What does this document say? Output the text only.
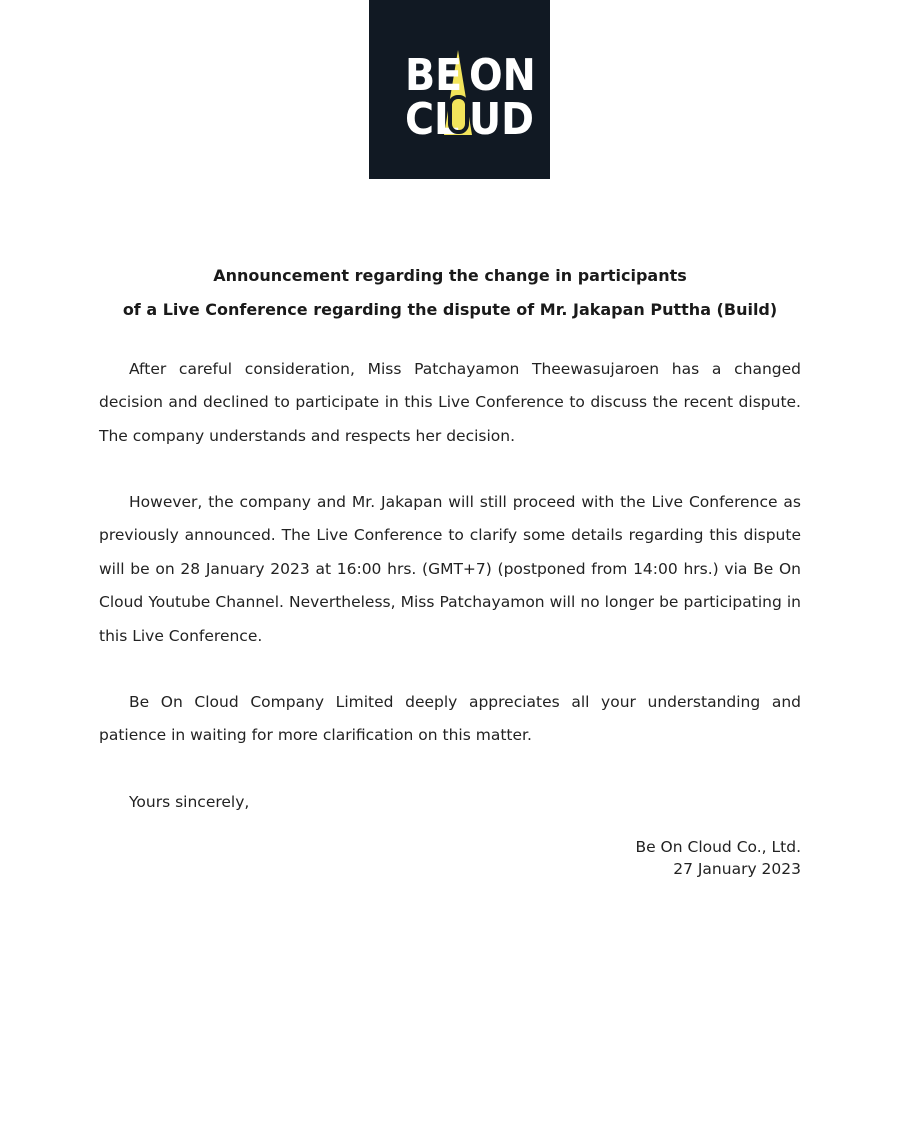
BE ON
CL UD
Announcement regarding the change in participants
of a Live Conference regarding the dispute of Mr. Jakapan Puttha (Build)
After careful consideration, Miss Patchayamon Theewasujaroen has a changed decision and declined to participate in this Live Conference to discuss the recent dispute. The company understands and respects her decision.
However, the company and Mr. Jakapan will still proceed with the Live Conference as previously announced. The Live Conference to clarify some details regarding this dispute will be on 28 January 2023 at 16:00 hrs. (GMT+7) (postponed from 14:00 hrs.) via Be On Cloud Youtube Channel. Nevertheless, Miss Patchayamon will no longer be participating in this Live Conference.
Be On Cloud Company Limited deeply appreciates all your understanding and patience in waiting for more clarification on this matter.
Yours sincerely,
Be On Cloud Co., Ltd.
27 January 2023
